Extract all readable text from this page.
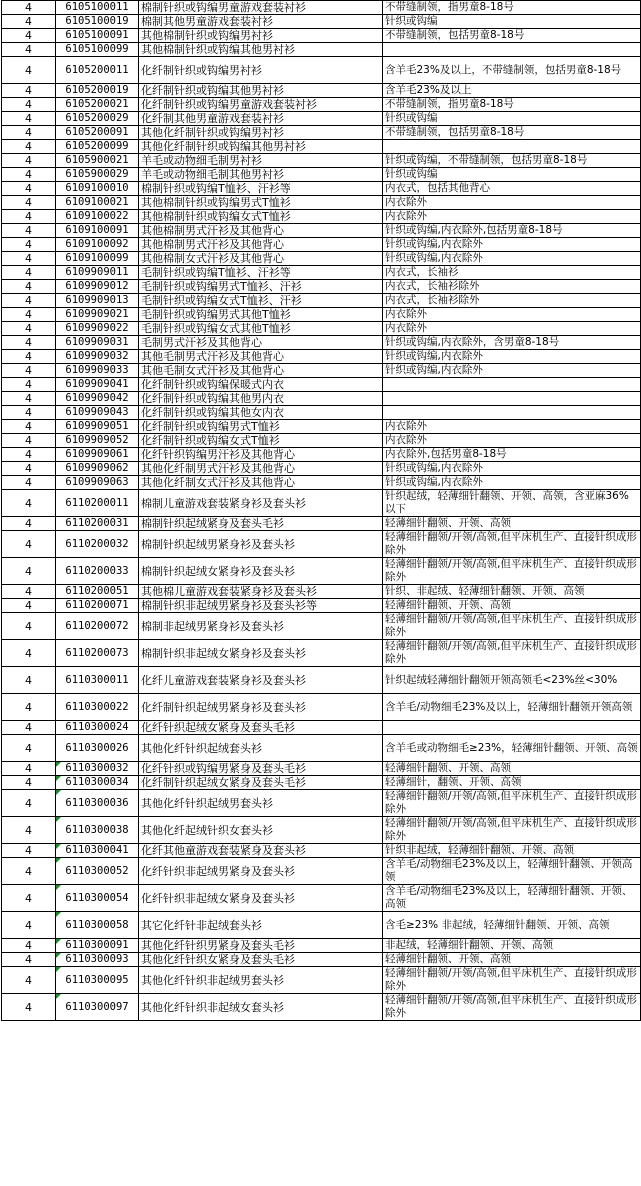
4	6105100011	棉制针织或钩编男童游戏套装衬衫	不带缝制领，指男童8-18号
4	6105100019	棉制其他男童游戏套装衬衫	针织或钩编
4	6105100091	其他棉制针织或钩编男衬衫	不带缝制领，包括男童8-18号
4	6105100099	其他棉制针织或钩编其他男衬衫	
4	6105200011	化纤制针织或钩编男衬衫	含羊毛23%及以上，不带缝制领，包括男童8-18号
4	6105200019	化纤制针织或钩编其他男衬衫	含羊毛23%及以上
4	6105200021	化纤制针织或钩编男童游戏套装衬衫	不带缝制领，指男童8-18号
4	6105200029	化纤制其他男童游戏套装衬衫	针织或钩编
4	6105200091	其他化纤制针织或钩编男衬衫	不带缝制领，包括男童8-18号
4	6105200099	其他化纤制针织或钩编其他男衬衫	
4	6105900021	羊毛或动物细毛制男衬衫	针织或钩编，不带缝制领，包括男童8-18号
4	6105900029	羊毛或动物细毛制其他男衬衫	针织或钩编
4	6109100010	棉制针织或钩编T恤衫、汗衫等	内衣式，包括其他背心
4	6109100021	其他棉制针织或钩编男式T恤衫	内衣除外
4	6109100022	其他棉制针织或钩编女式T恤衫	内衣除外
4	6109100091	其他棉制男式汗衫及其他背心	针织或钩编,内衣除外,包括男童8-18号
4	6109100092	其他棉制男式汗衫及其他背心	针织或钩编,内衣除外
4	6109100099	其他棉制女式汗衫及其他背心	针织或钩编,内衣除外
4	6109909011	毛制针织或钩编T恤衫、汗衫等	内衣式，长袖衫
4	6109909012	毛制针织或钩编男式T恤衫、汗衫	内衣式，长袖衫除外
4	6109909013	毛制针织或钩编女式T恤衫、汗衫	内衣式，长袖衫除外
4	6109909021	毛制针织或钩编男式其他T恤衫	内衣除外
4	6109909022	毛制针织或钩编女式其他T恤衫	内衣除外
4	6109909031	毛制男式汗衫及其他背心	针织或钩编,内衣除外，含男童8-18号
4	6109909032	其他毛制男式汗衫及其他背心	针织或钩编,内衣除外
4	6109909033	其他毛制女式汗衫及其他背心	针织或钩编,内衣除外
4	6109909041	化纤制针织或钩编保暖式内衣	
4	6109909042	化纤制针织或钩编其他男内衣	
4	6109909043	化纤制针织或钩编其他女内衣	
4	6109909051	化纤制针织或钩编男式T恤衫	内衣除外
4	6109909052	化纤制针织或钩编女式T恤衫	内衣除外
4	6109909061	化纤针织钩编男汗衫及其他背心	内衣除外,包括男童8-18号
4	6109909062	其他化纤制男式汗衫及其他背心	针织或钩编,内衣除外
4	6109909063	其他化纤制女式汗衫及其他背心	针织或钩编,内衣除外
4	6110200011	棉制儿童游戏套装紧身衫及套头衫	针织起绒，轻薄细针翻领、开领、高领，含亚麻36%以下
4	6110200031	棉制针织起绒紧身及套头毛衫	轻薄细针翻领、开领、高领
4	6110200032	棉制针织起绒男紧身衫及套头衫	轻薄细针翻领/开领/高领,但平床机生产、直接针织成形除外
4	6110200033	棉制针织起绒女紧身衫及套头衫	轻薄细针翻领/开领/高领,但平床机生产、直接针织成形除外
4	6110200051	其他棉儿童游戏套装紧身衫及套头衫	针织、非起绒、轻薄细针翻领、开领、高领
4	6110200071	棉制针织非起绒男紧身衫及套头衫等	轻薄细针翻领、开领、高领
4	6110200072	棉制非起绒男紧身衫及套头衫	轻薄细针翻领/开领/高领,但平床机生产、直接针织成形除外
4	6110200073	棉制针织非起绒女紧身衫及套头衫	轻薄细针翻领/开领/高领,但平床机生产、直接针织成形除外
4	6110300011	化纤儿童游戏套装紧身衫及套头衫	针织起绒轻薄细针翻领开领高领毛<23%丝<30%
4	6110300022	化纤制针织起绒男紧身衫及套头衫	含羊毛/动物细毛23%及以上，轻薄细针翻领开领高领
4	6110300024	化纤针织起绒女紧身及套头毛衫	
4	6110300026	其他化纤针织起绒套头衫	含羊毛或动物细毛≥23%，轻薄细针翻领、开领、高领
4	6110300032	化纤针织或钩编男紧身及套头毛衫	轻薄细针翻领、开领、高领
4	6110300034	化纤制针织起绒女紧身及套头毛衫	轻薄细针，翻领、开领、高领
4	6110300036	其他化纤针织起绒男套头衫	轻薄细针翻领/开领/高领,但平床机生产、直接针织成形除外
4	6110300038	其他化纤起绒针织女套头衫	轻薄细针翻领/开领/高领,但平床机生产、直接针织成形除外
4	6110300041	化纤其他童游戏套装紧身及套头衫	针织非起绒，轻薄细针翻领、开领、高领
4	6110300052	化纤针织非起绒男紧身及套头衫	含羊毛/动物细毛23%及以上，轻薄细针翻领、开领高领
4	6110300054	化纤针织非起绒女紧身及套头衫	含羊毛/动物细毛23%及以上，轻薄细针翻领、开领、高领
4	6110300058	其它化纤针非起绒套头衫	含毛≥23% 非起绒，轻薄细针翻领、开领、高领
4	6110300091	其他化纤针织男紧身及套头毛衫	非起绒，轻薄细针翻领、开领、高领
4	6110300093	其他化纤针织女紧身及套头毛衫	轻薄细针翻领、开领、高领
4	6110300095	其他化纤针织非起绒男套头衫	轻薄细针翻领/开领/高领,但平床机生产、直接针织成形除外
4	6110300097	其他化纤针织非起绒女套头衫	轻薄细针翻领/开领/高领,但平床机生产、直接针织成形除外
